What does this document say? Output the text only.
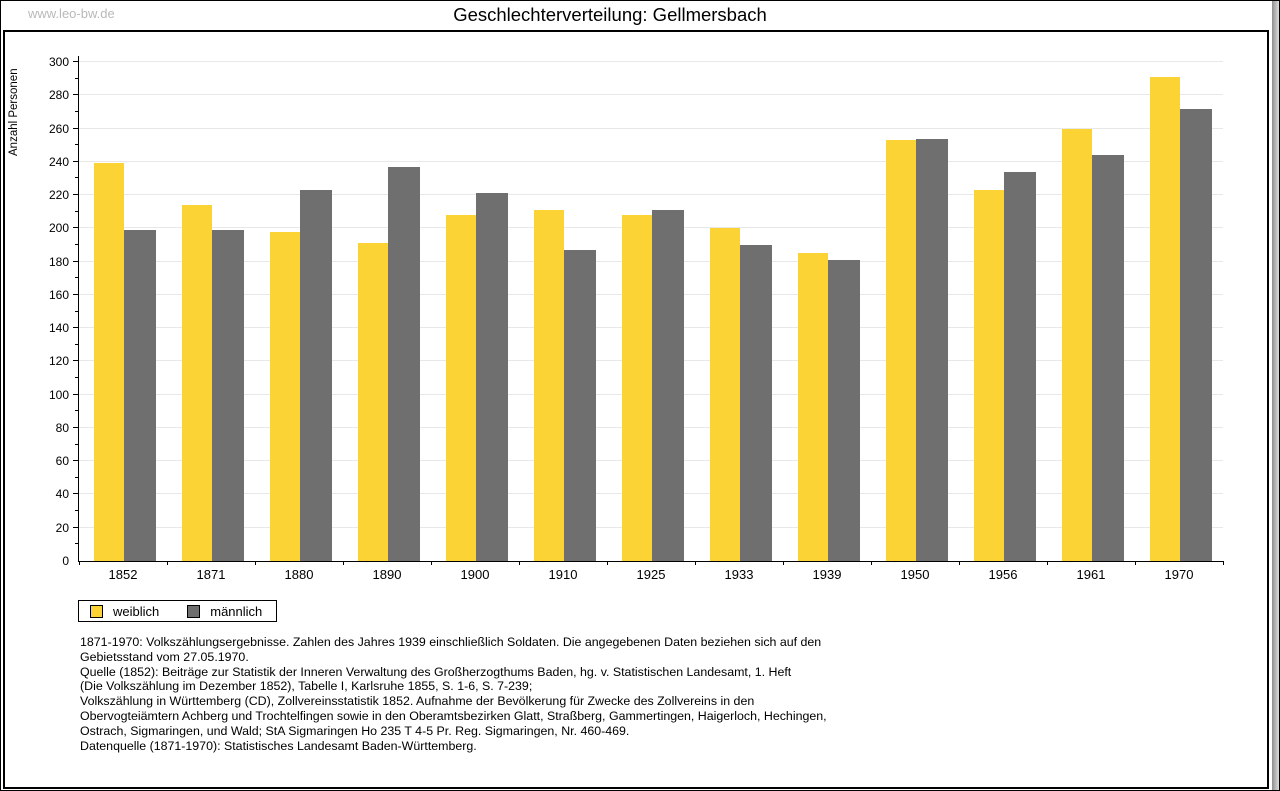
www.leo-bw.de	Geschlechterverteilung: Gellmersbach
Anzahl Personen
0
20
40
60
80
100
120
140
160
180
200
220
240
260
280
300
1852	1871	1880	1890	1900	1910	1925	1933	1939	1950	1956	1961	1970
weiblich	männlich
1871-1970: Volkszählungsergebnisse. Zahlen des Jahres 1939 einschließlich Soldaten. Die angegebenen Daten beziehen sich auf den
Gebietsstand vom 27.05.1970.
Quelle (1852): Beiträge zur Statistik der Inneren Verwaltung des Großherzogthums Baden, hg. v. Statistischen Landesamt, 1. Heft
(Die Volkszählung im Dezember 1852), Tabelle I, Karlsruhe 1855, S. 1-6, S. 7-239;
Volkszählung in Württemberg (CD), Zollvereinsstatistik 1852. Aufnahme der Bevölkerung für Zwecke des Zollvereins in den
Obervogteiämtern Achberg und Trochtelfingen sowie in den Oberamtsbezirken Glatt, Straßberg, Gammertingen, Haigerloch, Hechingen,
Ostrach, Sigmaringen, und Wald; StA Sigmaringen Ho 235 T 4-5 Pr. Reg. Sigmaringen, Nr. 460-469.
Datenquelle (1871-1970): Statistisches Landesamt Baden-Württemberg.
